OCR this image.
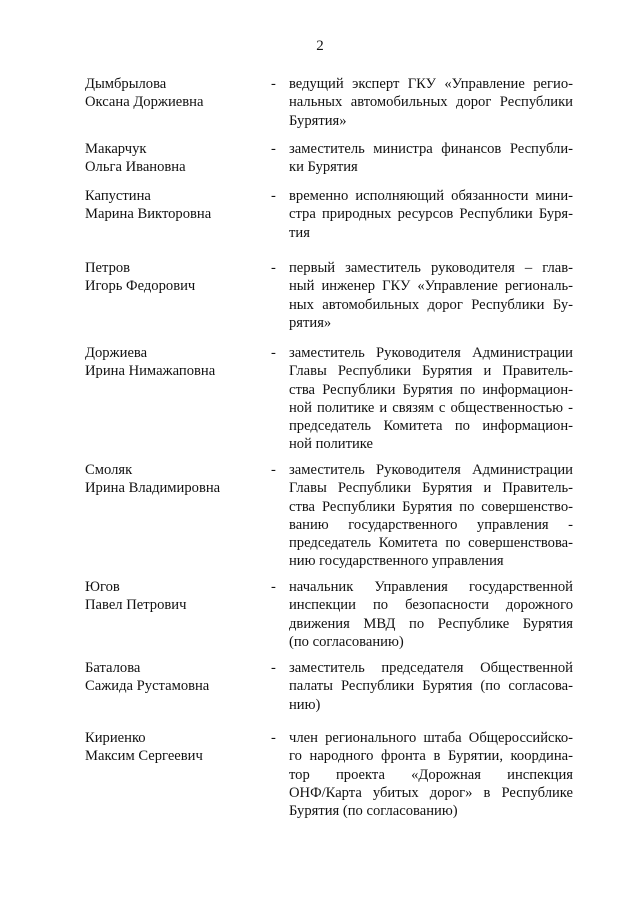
2
Дымбрылова
Оксана Доржиевна
- ведущий эксперт ГКУ «Управление регио-
нальных автомобильных дорог Республики
Бурятия»
Макарчук
Ольга Ивановна
- заместитель министра финансов Республи-
ки Бурятия
Капустина
Марина Викторовна
- временно исполняющий обязанности мини-
стра природных ресурсов Республики Буря-
тия
Петров
Игорь Федорович
- первый заместитель руководителя – глав-
ный инженер ГКУ «Управление региональ-
ных автомобильных дорог Республики Бу-
рятия»
Доржиева
Ирина Нимажаповна
- заместитель Руководителя Администрации
Главы Республики Бурятия и Правитель-
ства Республики Бурятия по информацион-
ной политике и связям с общественностью -
председатель Комитета по информацион-
ной политике
Смоляк
Ирина Владимировна
- заместитель Руководителя Администрации
Главы Республики Бурятия и Правитель-
ства Республики Бурятия по совершенство-
ванию государственного управления -
председатель Комитета по совершенствова-
нию государственного управления
Югов
Павел Петрович
- начальник Управления государственной
инспекции по безопасности дорожного
движения МВД по Республике Бурятия
(по согласованию)
Баталова
Сажида Рустамовна
- заместитель председателя Общественной
палаты Республики Бурятия (по согласова-
нию)
Кириенко
Максим Сергеевич
- член регионального штаба Общероссийско-
го народного фронта в Бурятии, координа-
тор проекта «Дорожная инспекция
ОНФ/Карта убитых дорог» в Республике
Бурятия (по согласованию)
